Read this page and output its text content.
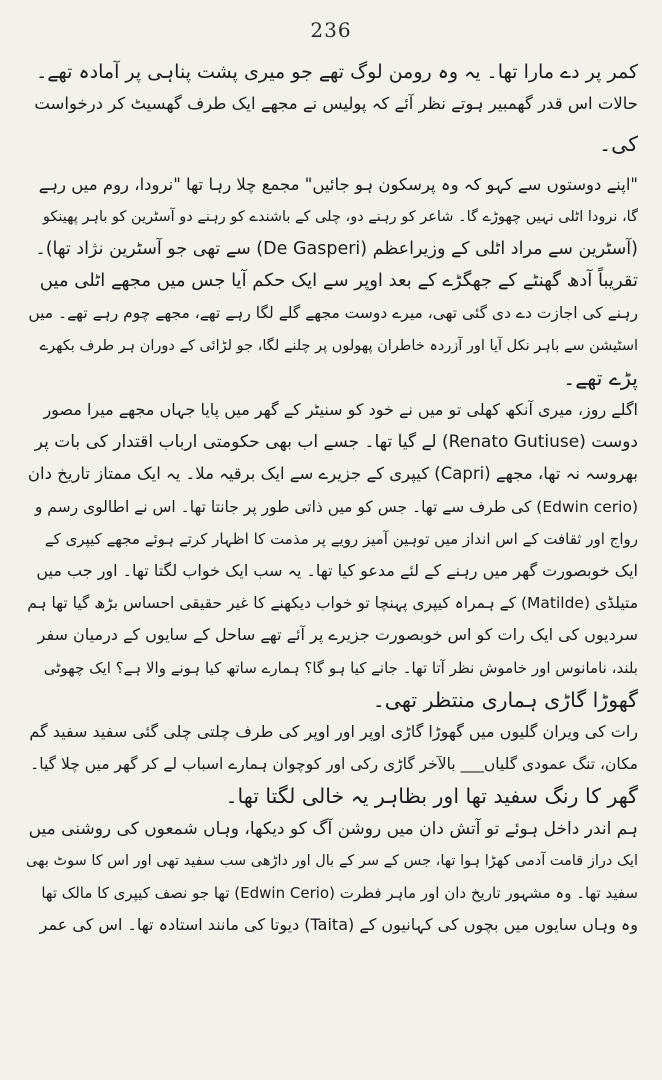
236
کمر پر دے مارا تھا۔ یہ وہ رومن لوگ تھے جو میری پشت پناہی پر آمادہ تھے۔
حالات اس قدر گھمبیر ہوتے نظر آئے کہ پولیس نے مجھے ایک طرف گھسیٹ کر درخواست
کی۔
"اپنے دوستوں سے کہو کہ وہ پرسکون ہو جائیں" مجمع چلا رہا تھا "نرودا، روم میں رہے
گا، نرودا اٹلی نہیں چھوڑے گا۔ شاعر کو رہنے دو، چلی کے باشندے کو رہنے دو آسٹرین کو باہر پھینکو
(آسٹرین سے مراد اٹلی کے وزیراعظم (De Gasperi) سے تھی جو آسٹرین نژاد تھا)۔
تقریباً آدھ گھنٹے کے جھگڑے کے بعد اوپر سے ایک حکم آیا جس میں مجھے اٹلی میں
رہنے کی اجازت دے دی گئی تھی، میرے دوست مجھے گلے لگا رہے تھے، مجھے چوم رہے تھے۔ میں
اسٹیشن سے باہر نکل آیا اور آزردہ خاطران پھولوں پر چلنے لگا، جو لڑائی کے دوران ہر طرف بکھرے
پڑے تھے۔
اگلے روز، میری آنکھ کھلی تو میں نے خود کو سنیٹر کے گھر میں پایا جہاں مجھے میرا مصور
دوست (Renato Gutiuse) لے گیا تھا۔ جسے اب بھی حکومتی ارباب اقتدار کی بات پر
بھروسہ نہ تھا، مجھے (Capri) کیپری کے جزیرے سے ایک برقیہ ملا۔ یہ ایک ممتاز تاریخ دان
(Edwin cerio) کی طرف سے تھا۔ جس کو میں ذاتی طور پر جانتا تھا۔ اس نے اطالوی رسم و
رواج اور ثقافت کے اس انداز میں توہین آمیز رویے پر مذمت کا اظہار کرتے ہوئے مجھے کیپری کے
ایک خوبصورت گھر میں رہنے کے لئے مدعو کیا تھا۔ یہ سب ایک خواب لگتا تھا۔ اور جب میں
متیلڈی (Matilde) کے ہمراہ کیپری پہنچا تو خواب دیکھنے کا غیر حقیقی احساس بڑھ گیا تھا ہم
سردیوں کی ایک رات کو اس خوبصورت جزیرے پر آئے تھے ساحل کے سایوں کے درمیان سفر
بلند، نامانوس اور خاموش نظر آتا تھا۔ جانے کیا ہو گا؟ ہمارے ساتھ کیا ہونے والا ہے؟ ایک چھوٹی
گھوڑا گاڑی ہماری منتظر تھی۔
رات کی ویران گلیوں میں گھوڑا گاڑی اوپر اور اوپر کی طرف چلتی چلی گئی سفید سفید گم
مکان، تنگ عمودی گلیاں___ بالآخر گاڑی رکی اور کوچوان ہمارے اسباب لے کر گھر میں چلا گیا۔
گھر کا رنگ سفید تھا اور بظاہر یہ خالی لگتا تھا۔
ہم اندر داخل ہوئے تو آتش دان میں روشن آگ کو دیکھا، وہاں شمعوں کی روشنی میں
ایک دراز قامت آدمی کھڑا ہوا تھا، جس کے سر کے بال اور داڑھی سب سفید تھی اور اس کا سوٹ بھی
سفید تھا۔ وہ مشہور تاریخ دان اور ماہر فطرت (Edwin Cerio) تھا جو نصف کیپری کا مالک تھا
وہ وہاں سایوں میں بچوں کی کہانیوں کے (Taita) دیوتا کی مانند استادہ تھا۔ اس کی عمر
